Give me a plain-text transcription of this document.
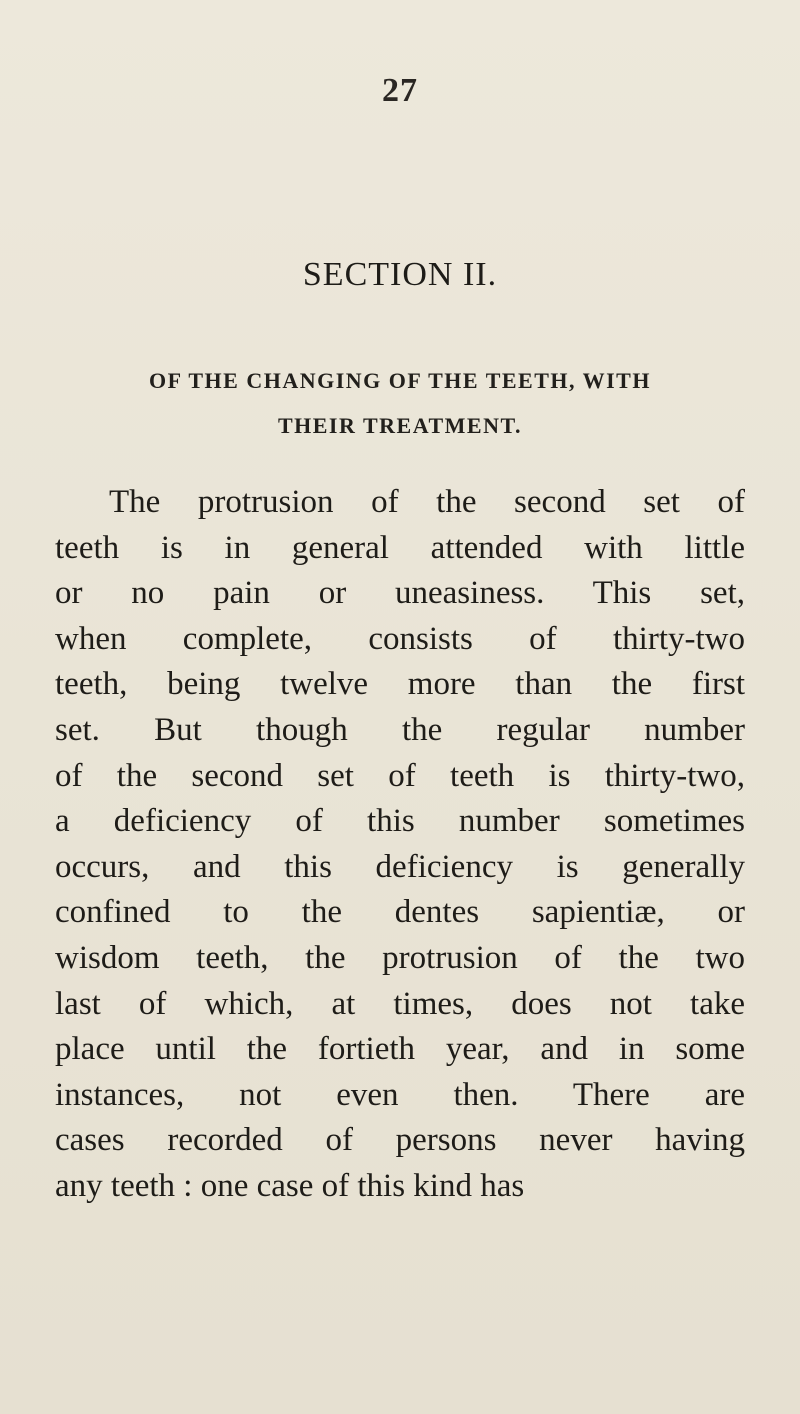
27
SECTION II.
OF THE CHANGING OF THE TEETH, WITH
THEIR TREATMENT.
The protrusion of the second set of
teeth is in general attended with little
or no pain or uneasiness. This set,
when complete, consists of thirty-two
teeth, being twelve more than the first
set. But though the regular number
of the second set of teeth is thirty-two,
a deficiency of this number sometimes
occurs, and this deficiency is generally
confined to the dentes sapientiæ, or
wisdom teeth, the protrusion of the two
last of which, at times, does not take
place until the fortieth year, and in some
instances, not even then. There are
cases recorded of persons never having
any teeth : one case of this kind has
